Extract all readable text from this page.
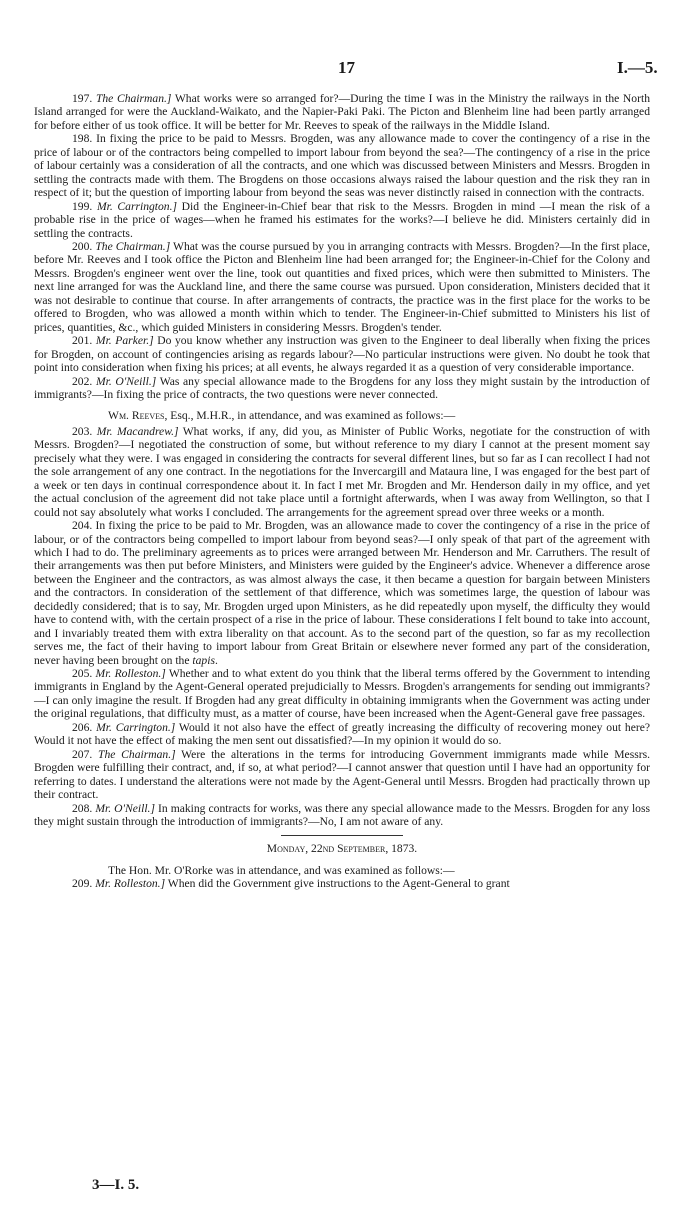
17	I.—5.

197. The Chairman.] What works were so arranged for?—During the time I was in the Ministry the railways in the North Island arranged for were the Auckland-Waikato, and the Napier-Paki Paki. The Picton and Blenheim line had been partly arranged for before either of us took office. It will be better for Mr. Reeves to speak of the railways in the Middle Island.

198. In fixing the price to be paid to Messrs. Brogden, was any allowance made to cover the contingency of a rise in the price of labour or of the contractors being compelled to import labour from beyond the sea?—The contingency of a rise in the price of labour certainly was a consideration of all the contracts, and one which was discussed between Ministers and Messrs. Brogden in settling the contracts made with them. The Brogdens on those occasions always raised the labour question and the risk they ran in respect of it; but the question of importing labour from beyond the seas was never distinctly raised in connection with the contracts.

199. Mr. Carrington.] Did the Engineer-in-Chief bear that risk to the Messrs. Brogden in mind —I mean the risk of a probable rise in the price of wages—when he framed his estimates for the works?—I believe he did. Ministers certainly did in settling the contracts.

200. The Chairman.] What was the course pursued by you in arranging contracts with Messrs. Brogden?—In the first place, before Mr. Reeves and I took office the Picton and Blenheim line had been arranged for; the Engineer-in-Chief for the Colony and Messrs. Brogden's engineer went over the line, took out quantities and fixed prices, which were then submitted to Ministers. The next line arranged for was the Auckland line, and there the same course was pursued. Upon consideration, Ministers decided that it was not desirable to continue that course. In after arrangements of contracts, the practice was in the first place for the works to be offered to Brogden, who was allowed a month within which to tender. The Engineer-in-Chief submitted to Ministers his list of prices, quantities, &c., which guided Ministers in considering Messrs. Brogden's tender.

201. Mr. Parker.] Do you know whether any instruction was given to the Engineer to deal liberally when fixing the prices for Brogden, on account of contingencies arising as regards labour?—No particular instructions were given. No doubt he took that point into consideration when fixing his prices; at all events, he always regarded it as a question of very considerable importance.

202. Mr. O'Neill.] Was any special allowance made to the Brogdens for any loss they might sustain by the introduction of immigrants?—In fixing the price of contracts, the two questions were never connected.

Wm. Reeves, Esq., M.H.R., in attendance, and was examined as follows:—

203. Mr. Macandrew.] What works, if any, did you, as Minister of Public Works, negotiate for the construction of with Messrs. Brogden?—I negotiated the construction of some, but without reference to my diary I cannot at the present moment say precisely what they were. I was engaged in considering the contracts for several different lines, but so far as I can recollect I had not the sole arrangement of any one contract. In the negotiations for the Invercargill and Mataura line, I was engaged for the best part of a week or ten days in continual correspondence about it. In fact I met Mr. Brogden and Mr. Henderson daily in my office, and yet the actual conclusion of the agreement did not take place until a fortnight afterwards, when I was away from Wellington, so that I could not say absolutely what works I concluded. The arrangements for the agreement spread over three weeks or a month.

204. In fixing the price to be paid to Mr. Brogden, was an allowance made to cover the contingency of a rise in the price of labour, or of the contractors being compelled to import labour from beyond seas?—I only speak of that part of the agreement with which I had to do. The preliminary agreements as to prices were arranged between Mr. Henderson and Mr. Carruthers. The result of their arrangements was then put before Ministers, and Ministers were guided by the Engineer's advice. Whenever a difference arose between the Engineer and the contractors, as was almost always the case, it then became a question for bargain between Ministers and the contractors. In consideration of the settlement of that difference, which was sometimes large, the question of labour was decidedly considered; that is to say, Mr. Brogden urged upon Ministers, as he did repeatedly upon myself, the difficulty they would have to contend with, with the certain prospect of a rise in the price of labour. These considerations I felt bound to take into account, and I invariably treated them with extra liberality on that account. As to the second part of the question, so far as my recollection serves me, the fact of their having to import labour from Great Britain or elsewhere never formed any part of the consideration, never having been brought on the tapis.

205. Mr. Rolleston.] Whether and to what extent do you think that the liberal terms offered by the Government to intending immigrants in England by the Agent-General operated prejudicially to Messrs. Brogden's arrangements for sending out immigrants?—I can only imagine the result. If Brogden had any great difficulty in obtaining immigrants when the Government was acting under the original regulations, that difficulty must, as a matter of course, have been increased when the Agent-General gave free passages.

206. Mr. Carrington.] Would it not also have the effect of greatly increasing the difficulty of recovering money out here? Would it not have the effect of making the men sent out dissatisfied?—In my opinion it would do so.

207. The Chairman.] Were the alterations in the terms for introducing Government immigrants made while Messrs. Brogden were fulfilling their contract, and, if so, at what period?—I cannot answer that question until I have had an opportunity for referring to dates. I understand the alterations were not made by the Agent-General until Messrs. Brogden had practically thrown up their contract.

208. Mr. O'Neill.] In making contracts for works, was there any special allowance made to the Messrs. Brogden for any loss they might sustain through the introduction of immigrants?—No, I am not aware of any.

Monday, 22nd September, 1873.

The Hon. Mr. O'Rorke was in attendance, and was examined as follows:—

209. Mr. Rolleston.] When did the Government give instructions to the Agent-General to grant

3—I. 5.
